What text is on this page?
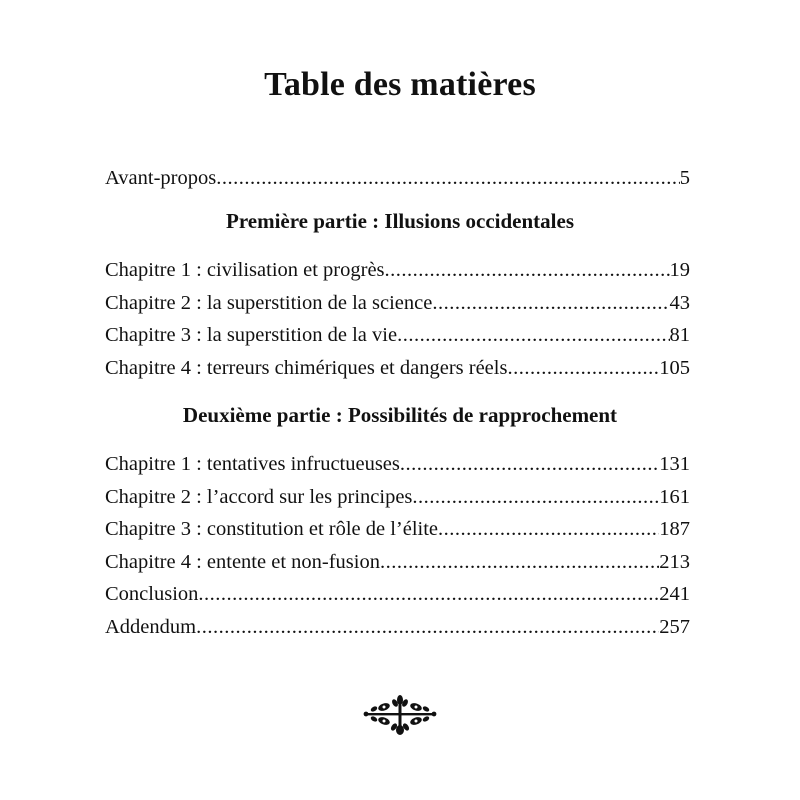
Table des matières
Avant-propos .....	5
Première partie : Illusions occidentales
Chapitre 1 : civilisation et progrès .....	19
Chapitre 2 : la superstition de la science .....	43
Chapitre 3 : la superstition de la vie .....	81
Chapitre 4 : terreurs chimériques et dangers réels .....	105
Deuxième partie : Possibilités de rapprochement
Chapitre 1 : tentatives infructueuses .....	131
Chapitre 2 : l’accord sur les principes .....	161
Chapitre 3 : constitution et rôle de l’élite .....	187
Chapitre 4 : entente et non-fusion .....	213
Conclusion .....	241
Addendum .....	257
